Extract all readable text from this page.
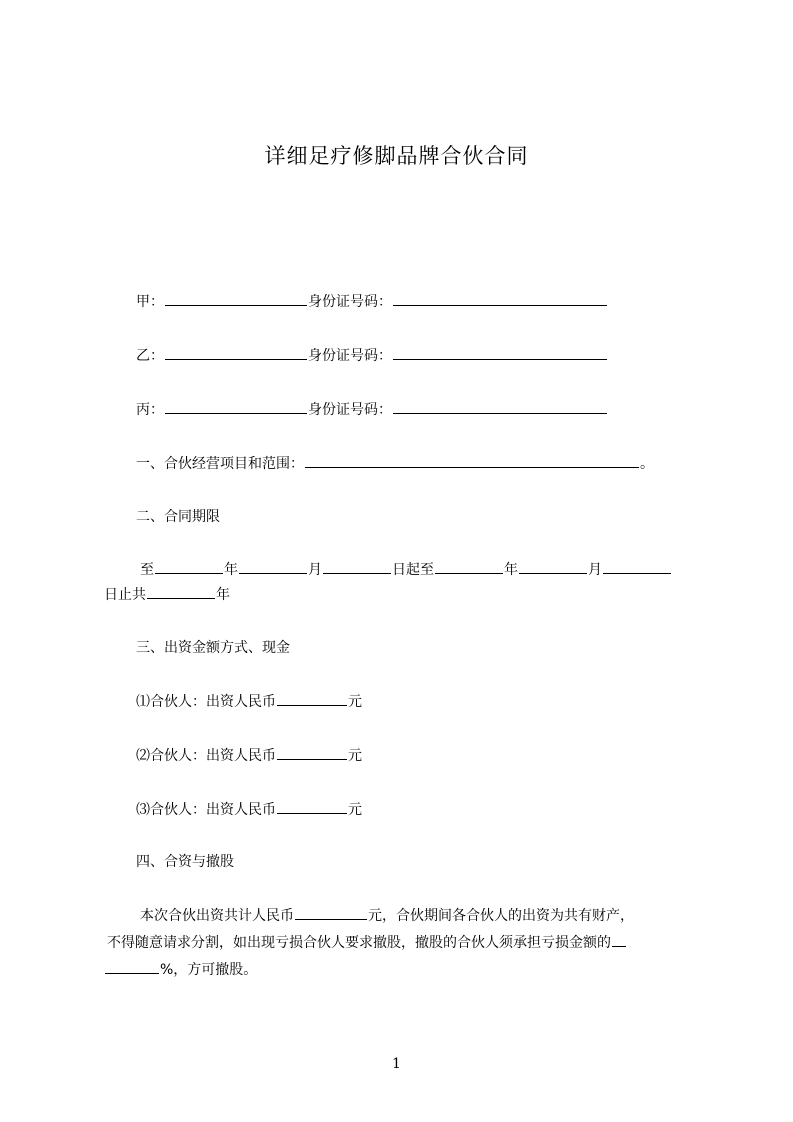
详细足疗修脚品牌合伙合同
甲：	身份证号码：
乙：	身份证号码：
丙：	身份证号码：
一、合伙经营项目和范围：	。
二、合同期限
至	年	月	日起至	年	月
日止共	年
三、出资金额方式、现金
⑴合伙人：出资人民币	元
⑵合伙人：出资人民币	元
⑶合伙人：出资人民币	元
四、合资与撤股
本次合伙出资共计人民币	元，合伙期间各合伙人的出资为共有财产，
不得随意请求分割，如出现亏损合伙人要求撤股，撤股的合伙人须承担亏损金额的
%，方可撤股。
1
